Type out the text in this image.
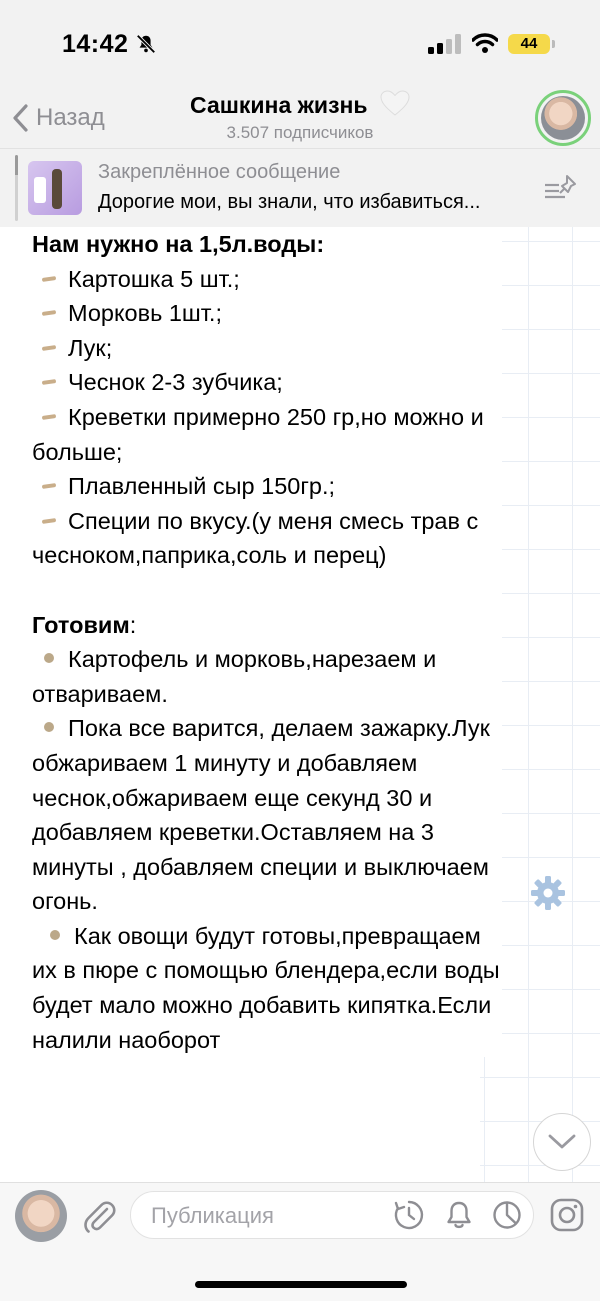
14:42	44
Назад	Сашкина жизнь
3.507 подписчиков
Закреплённое сообщение
Дорогие мои, вы знали, что избавиться...
Нам нужно на 1,5л.воды:
Картошка 5 шт.;
Морковь 1шт.;
Лук;
Чеснок 2-3 зубчика;
Креветки примерно 250 гр,но можно и больше;
Плавленный сыр 150гр.;
Специи по вкусу.(у меня смесь трав с чесноком,паприка,соль и перец)
Готовим:
Картофель и морковь,нарезаем и отвариваем.
Пока все варится, делаем зажарку.Лук обжариваем 1 минуту и добавляем чеснок,обжариваем еще секунд 30 и добавляем креветки.Оставляем на 3 минуты , добавляем специи и выключаем огонь.
Как овощи будут готовы,превращаем их в пюре с помощью блендера,если воды будет мало можно добавить кипятка.Если налили наоборот
Публикация
